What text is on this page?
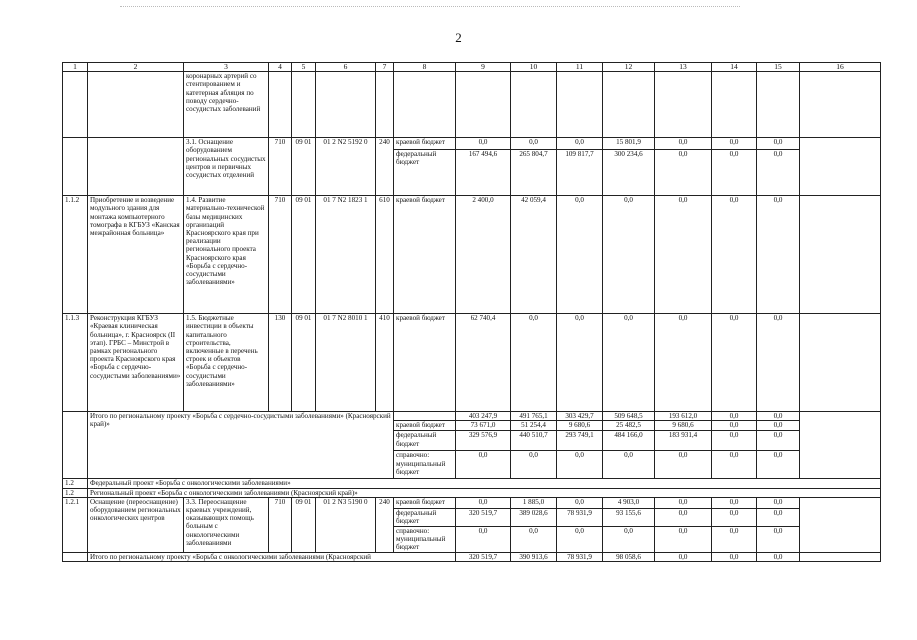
2
1	2	3	4	5	6	7	8	9	10	11	12	13	14	15	16
		коронарных артерий со стентированием и катетерная абляция по поводу сердечно-сосудистых заболеваний													
		3.1. Оснащение оборудованием региональных сосудистых центров и первичных сосудистых отделений	710	09 01	01 2 N2 5192 0	240	краевой бюджет	0,0	0,0	0,0	15 801,9	0,0	0,0	0,0	
							федеральный бюджет	167 494,6	265 804,7	109 817,7	300 234,6	0,0	0,0	0,0	
1.1.2	Приобретение и возведение модульного здания для монтажа компьютерного томографа в КГБУЗ «Канская межрайонная больница»	1.4. Развитие материально-технической базы медицинских организаций Красноярского края при реализации регионального проекта Красноярского края «Борьба с сердечно-сосудистыми заболеваниями»	710	09 01	01 7 N2 1823 1	610	краевой бюджет	2 400,0	42 059,4	0,0	0,0	0,0	0,0	0,0	
1.1.3	Реконструкция КГБУЗ «Краевая клиническая больница», г. Красноярск (II этап). ГРБС – Минстрой в рамках регионального проекта Красноярского края «Борьба с сердечно-сосудистыми заболеваниями»	1.5. Бюджетные инвестиции в объекты капитального строительства, включенные в перечень строек и объектов «Борьба с сердечно-сосудистыми заболеваниями»	130	09 01	01 7 N2 8010 1	410	краевой бюджет	62 740,4	0,0	0,0	0,0	0,0	0,0	0,0	
	Итого по региональному проекту «Борьба с сердечно-сосудистыми заболеваниями» (Красноярский край)»							403 247,9	491 765,1	303 429,7	509 648,5	193 612,0	0,0	0,0	
							краевой бюджет	73 671,0	51 254,4	9 680,6	25 482,5	9 680,6	0,0	0,0	
							федеральный бюджет	329 576,9	440 510,7	293 749,1	484 166,0	183 931,4	0,0	0,0	
							справочно: муниципальный бюджет	0,0	0,0	0,0	0,0	0,0	0,0	0,0	
1.2	Федеральный проект «Борьба с онкологическими заболеваниями»														
1.2	Региональный проект «Борьба с онкологическими заболеваниями (Красноярский край)»														
1.2.1	Оснащение (переоснащение) оборудованием региональных онкологических центров	3.3. Переоснащение краевых учреждений, оказывающих помощь больным с онкологическими заболеваниями	710	09 01	01 2 N3 5190 0	240	краевой бюджет	0,0	1 885,0	0,0	4 903,0	0,0	0,0	0,0	
							федеральный бюджет	320 519,7	389 028,6	78 931,9	93 155,6	0,0	0,0	0,0	
							справочно: муниципальный бюджет	0,0	0,0	0,0	0,0	0,0	0,0	0,0	
	Итого по региональному проекту «Борьба с онкологическими заболеваниями (Красноярский							320 519,7	390 913,6	78 931,9	98 058,6	0,0	0,0	0,0	
